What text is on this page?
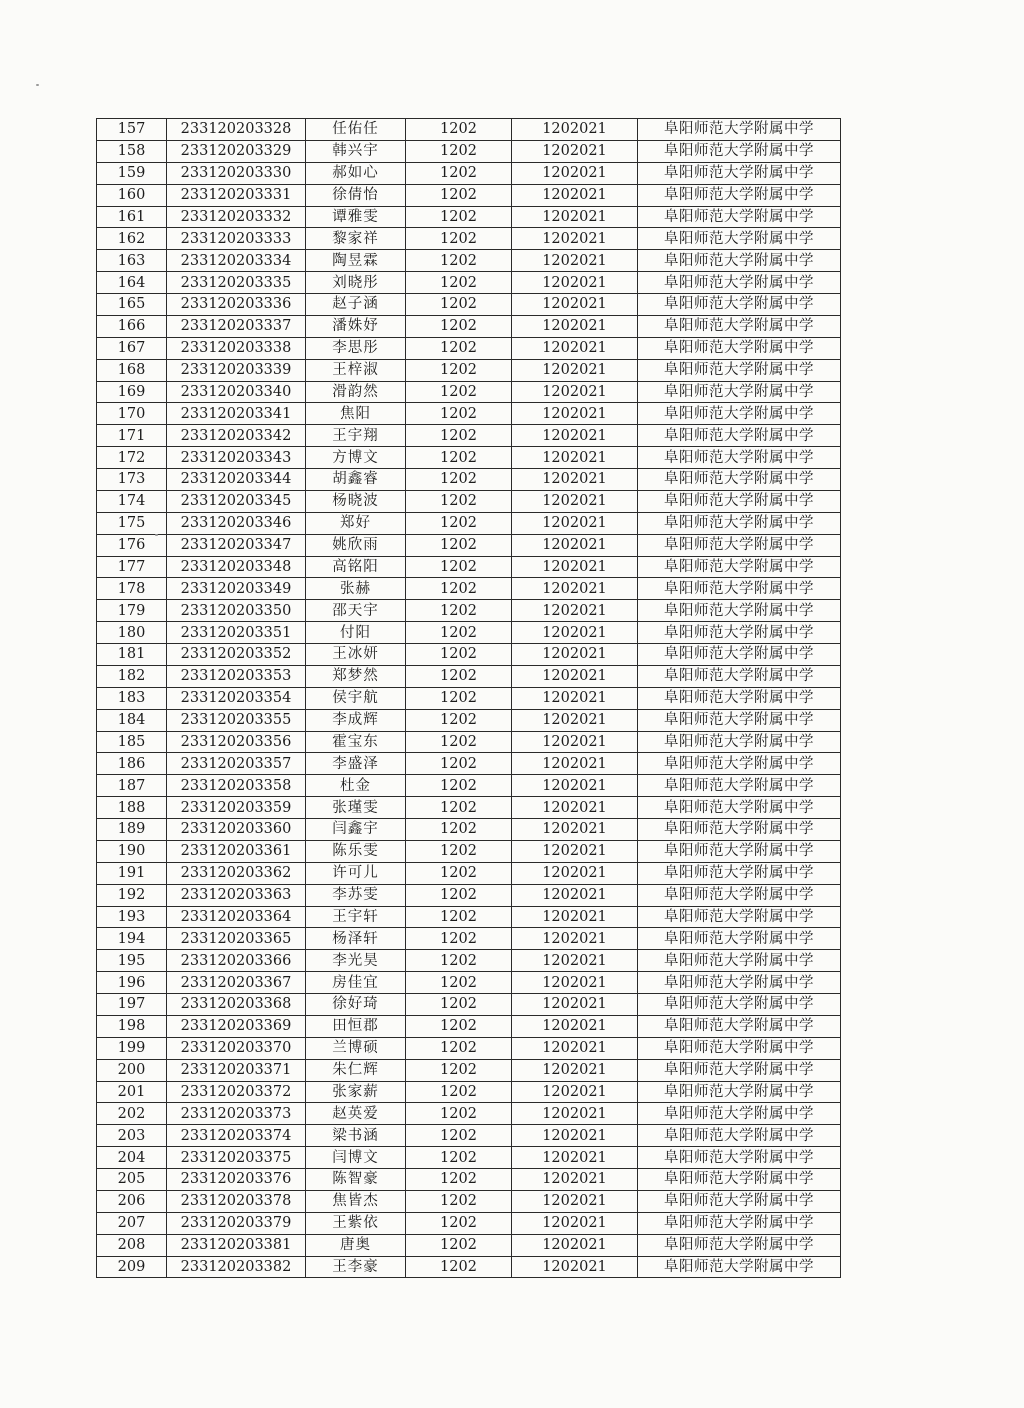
157	233120203328	任佑任	1202	1202021	阜阳师范大学附属中学
158	233120203329	韩兴宇	1202	1202021	阜阳师范大学附属中学
159	233120203330	郝如心	1202	1202021	阜阳师范大学附属中学
160	233120203331	徐倩怡	1202	1202021	阜阳师范大学附属中学
161	233120203332	谭雅雯	1202	1202021	阜阳师范大学附属中学
162	233120203333	黎家祥	1202	1202021	阜阳师范大学附属中学
163	233120203334	陶昱霖	1202	1202021	阜阳师范大学附属中学
164	233120203335	刘晓彤	1202	1202021	阜阳师范大学附属中学
165	233120203336	赵子涵	1202	1202021	阜阳师范大学附属中学
166	233120203337	潘姝妤	1202	1202021	阜阳师范大学附属中学
167	233120203338	李思彤	1202	1202021	阜阳师范大学附属中学
168	233120203339	王梓淑	1202	1202021	阜阳师范大学附属中学
169	233120203340	滑韵然	1202	1202021	阜阳师范大学附属中学
170	233120203341	焦阳	1202	1202021	阜阳师范大学附属中学
171	233120203342	王宇翔	1202	1202021	阜阳师范大学附属中学
172	233120203343	方博文	1202	1202021	阜阳师范大学附属中学
173	233120203344	胡鑫睿	1202	1202021	阜阳师范大学附属中学
174	233120203345	杨晓波	1202	1202021	阜阳师范大学附属中学
175	233120203346	郑好	1202	1202021	阜阳师范大学附属中学
176	233120203347	姚欣雨	1202	1202021	阜阳师范大学附属中学
177	233120203348	高铭阳	1202	1202021	阜阳师范大学附属中学
178	233120203349	张赫	1202	1202021	阜阳师范大学附属中学
179	233120203350	邵天宇	1202	1202021	阜阳师范大学附属中学
180	233120203351	付阳	1202	1202021	阜阳师范大学附属中学
181	233120203352	王冰妍	1202	1202021	阜阳师范大学附属中学
182	233120203353	郑梦然	1202	1202021	阜阳师范大学附属中学
183	233120203354	侯宇航	1202	1202021	阜阳师范大学附属中学
184	233120203355	李成辉	1202	1202021	阜阳师范大学附属中学
185	233120203356	霍宝东	1202	1202021	阜阳师范大学附属中学
186	233120203357	李盛泽	1202	1202021	阜阳师范大学附属中学
187	233120203358	杜金	1202	1202021	阜阳师范大学附属中学
188	233120203359	张瑾雯	1202	1202021	阜阳师范大学附属中学
189	233120203360	闫鑫宇	1202	1202021	阜阳师范大学附属中学
190	233120203361	陈乐雯	1202	1202021	阜阳师范大学附属中学
191	233120203362	许可儿	1202	1202021	阜阳师范大学附属中学
192	233120203363	李苏雯	1202	1202021	阜阳师范大学附属中学
193	233120203364	王宇轩	1202	1202021	阜阳师范大学附属中学
194	233120203365	杨泽轩	1202	1202021	阜阳师范大学附属中学
195	233120203366	李光昊	1202	1202021	阜阳师范大学附属中学
196	233120203367	房佳宜	1202	1202021	阜阳师范大学附属中学
197	233120203368	徐好琦	1202	1202021	阜阳师范大学附属中学
198	233120203369	田恒郡	1202	1202021	阜阳师范大学附属中学
199	233120203370	兰博硕	1202	1202021	阜阳师范大学附属中学
200	233120203371	朱仁辉	1202	1202021	阜阳师范大学附属中学
201	233120203372	张家薪	1202	1202021	阜阳师范大学附属中学
202	233120203373	赵英爱	1202	1202021	阜阳师范大学附属中学
203	233120203374	梁书涵	1202	1202021	阜阳师范大学附属中学
204	233120203375	闫博文	1202	1202021	阜阳师范大学附属中学
205	233120203376	陈智豪	1202	1202021	阜阳师范大学附属中学
206	233120203378	焦皆杰	1202	1202021	阜阳师范大学附属中学
207	233120203379	王紫依	1202	1202021	阜阳师范大学附属中学
208	233120203381	唐奥	1202	1202021	阜阳师范大学附属中学
209	233120203382	王李豪	1202	1202021	阜阳师范大学附属中学
